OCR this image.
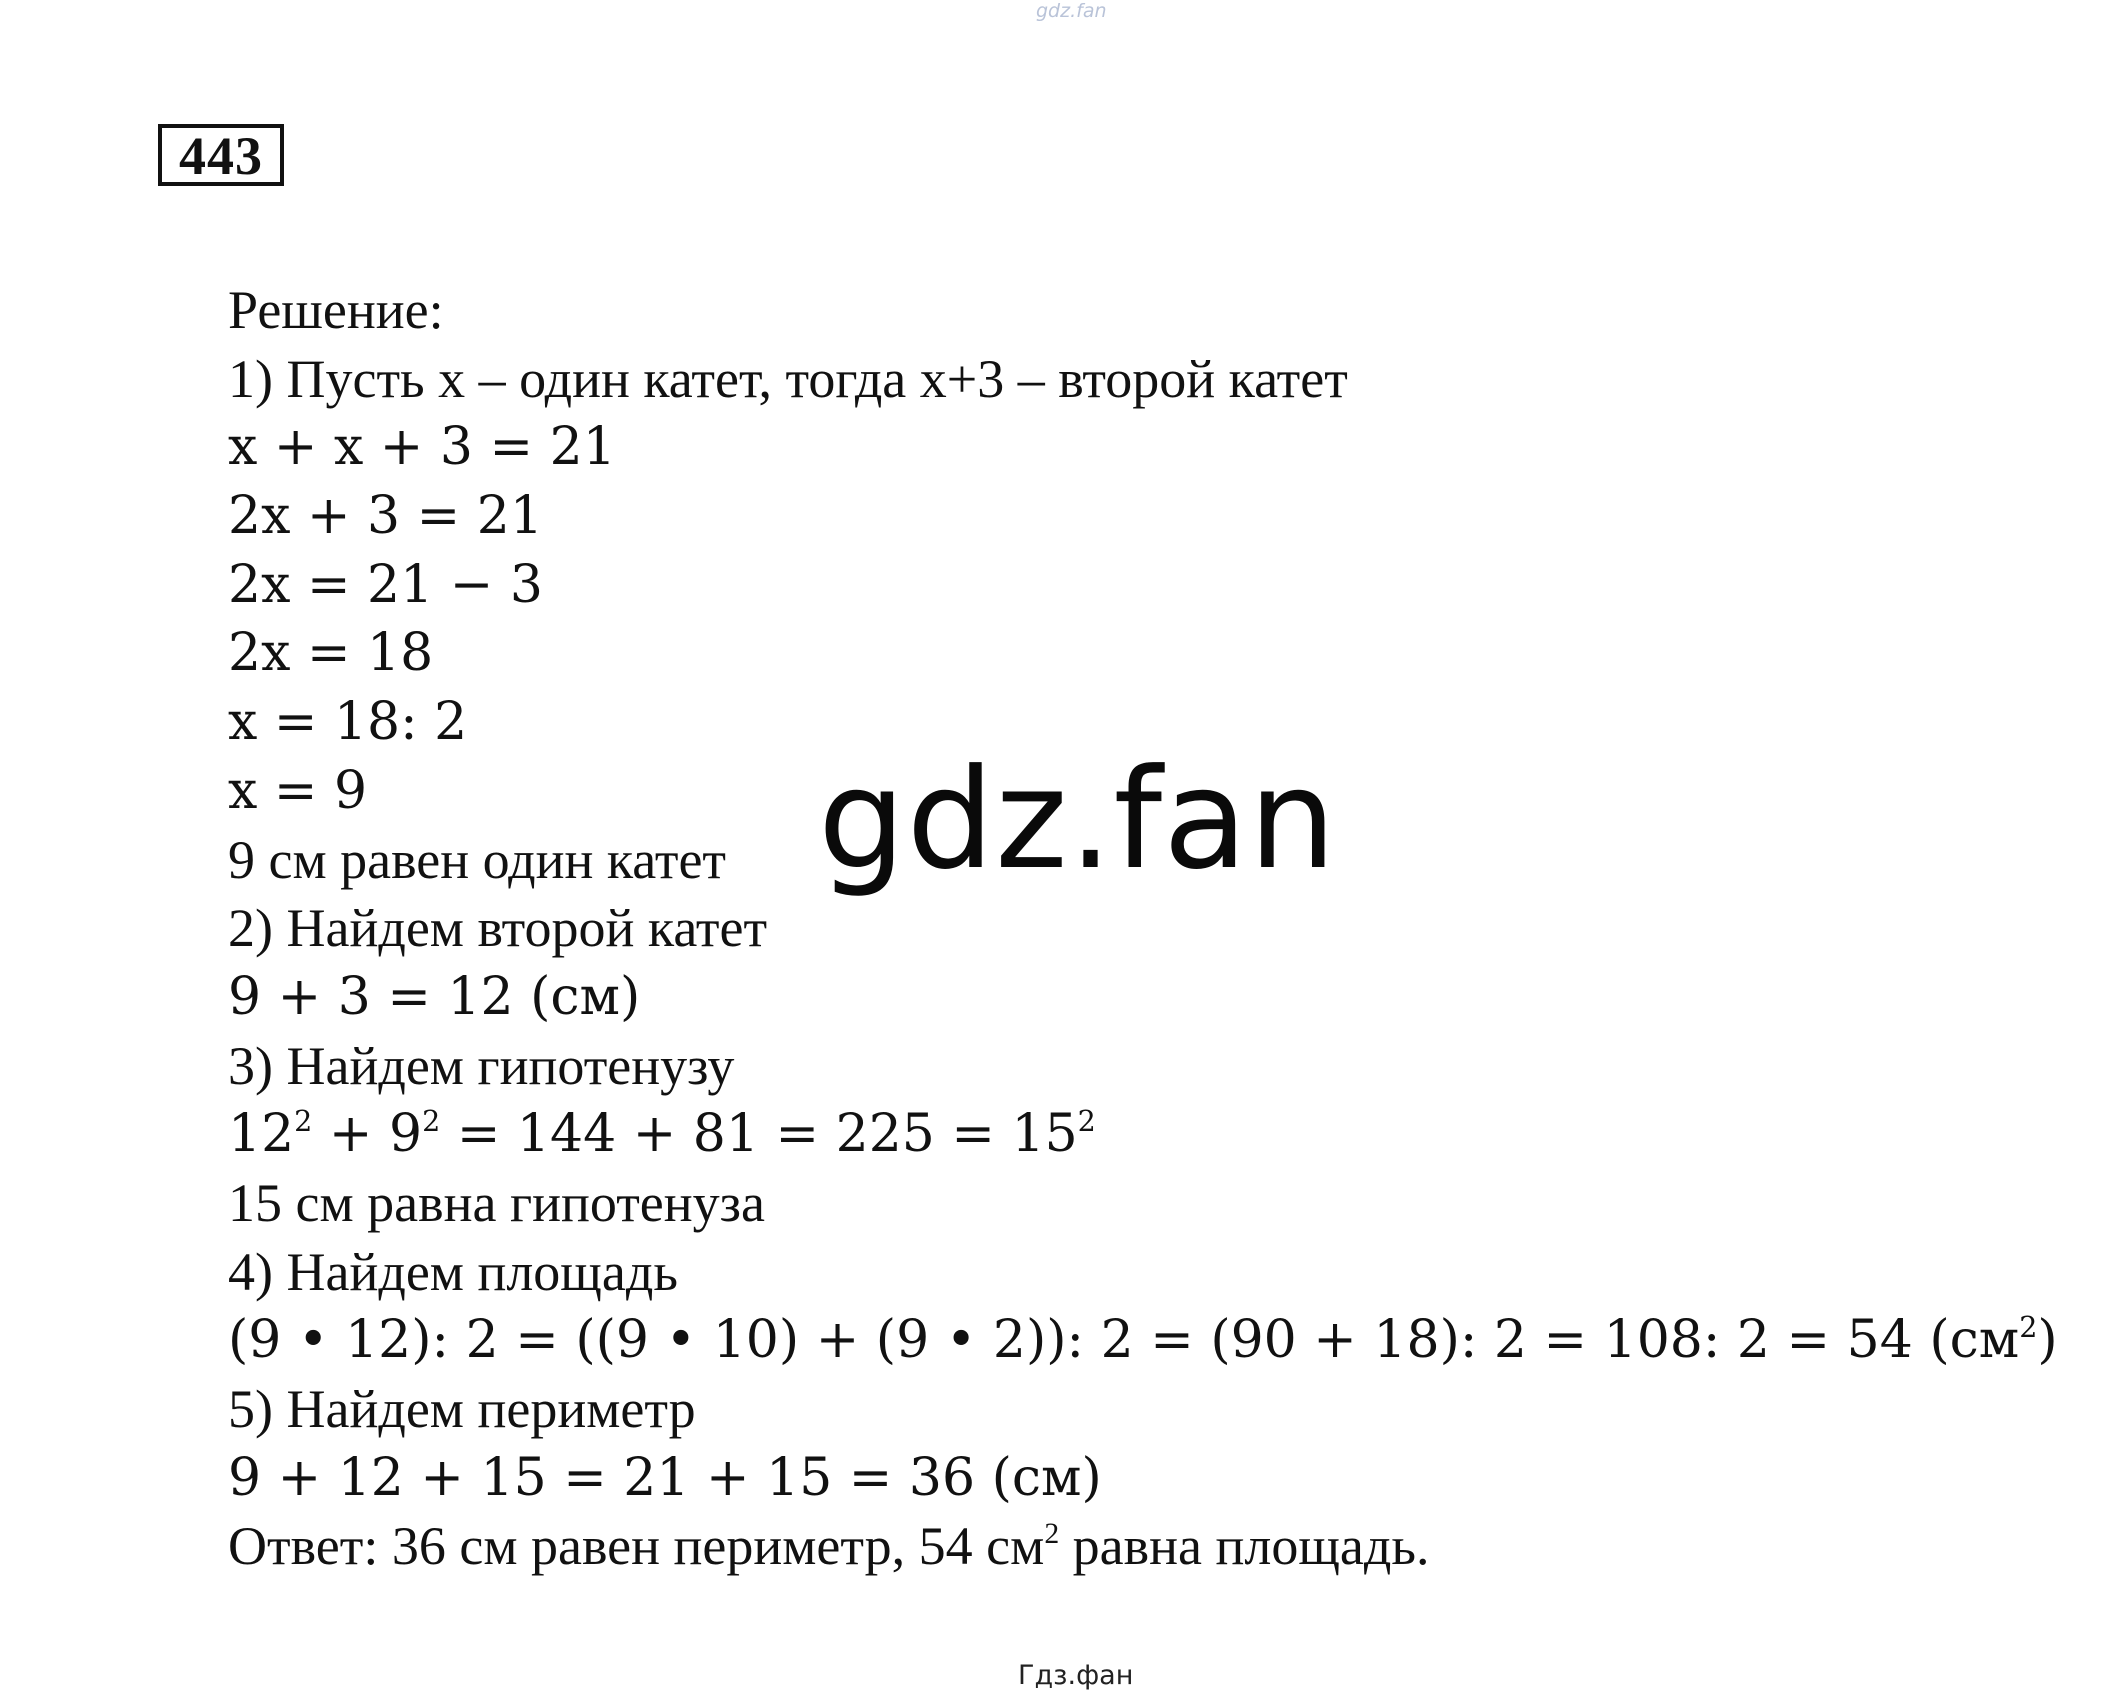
gdz.fan
443
Решение:
1) Пусть x – один катет, тогда x+3 – второй катет
x + x + 3 = 21
2x + 3 = 21
2x = 21 − 3
2x = 18
x = 18: 2
x = 9
9 см равен один катет
2) Найдем второй катет
9 + 3 = 12 (см)
3) Найдем гипотенузу
$12^2 + 9^2 = 144 + 81 = 225 = 15^2$
15 см равна гипотенуза
4) Найдем площадь
(9 • 12): 2 = ((9 • 10) + (9 • 2)): 2 = (90 + 18): 2 = 108: 2 = 54 $(см^2)$
5) Найдем периметр
9 + 12 + 15 = 21 + 15 = 36 (см)
Ответ: 36 см равен периметр, 54 $см^2$ равна площадь.
gdz.fan
Гдз.фан
